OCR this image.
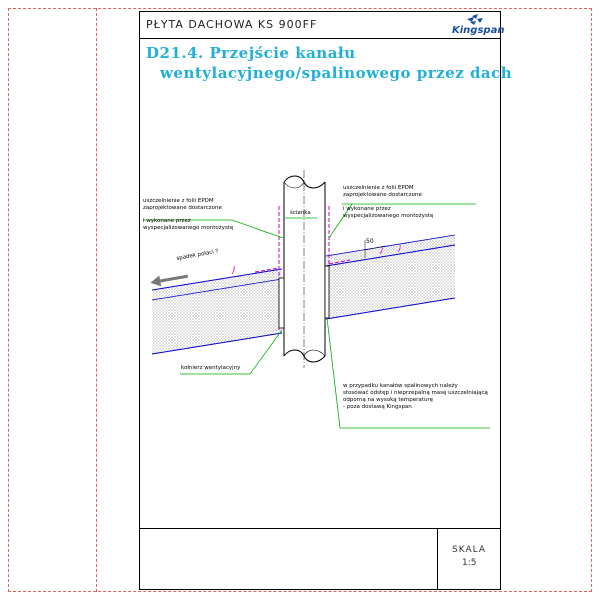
PŁYTA DACHOWA KS 900FF	Kingspan
D21.4. Przejście kanału
wentylacyjnego/spalinowego przez dach
uszczelnienie z folii EPDM
zaprojektowane dostarczone
i wykonane przez
wyspecjalizowanego montożystę
uszczelnienie z folii EPDM
zaprojektowane dostarczone
i wykonane przez
wyspecjalizowanego montożystę
ścianka
spadek połaci ?
50
kołnierz wentylacyjny
w przypadku kanałów spalinowych należy
stosować odstęp i nieprzepalną masę uszczelniającą
odporną na wysoką temperaturę
- poza dostawą Kingspan
SKALA
1:5
